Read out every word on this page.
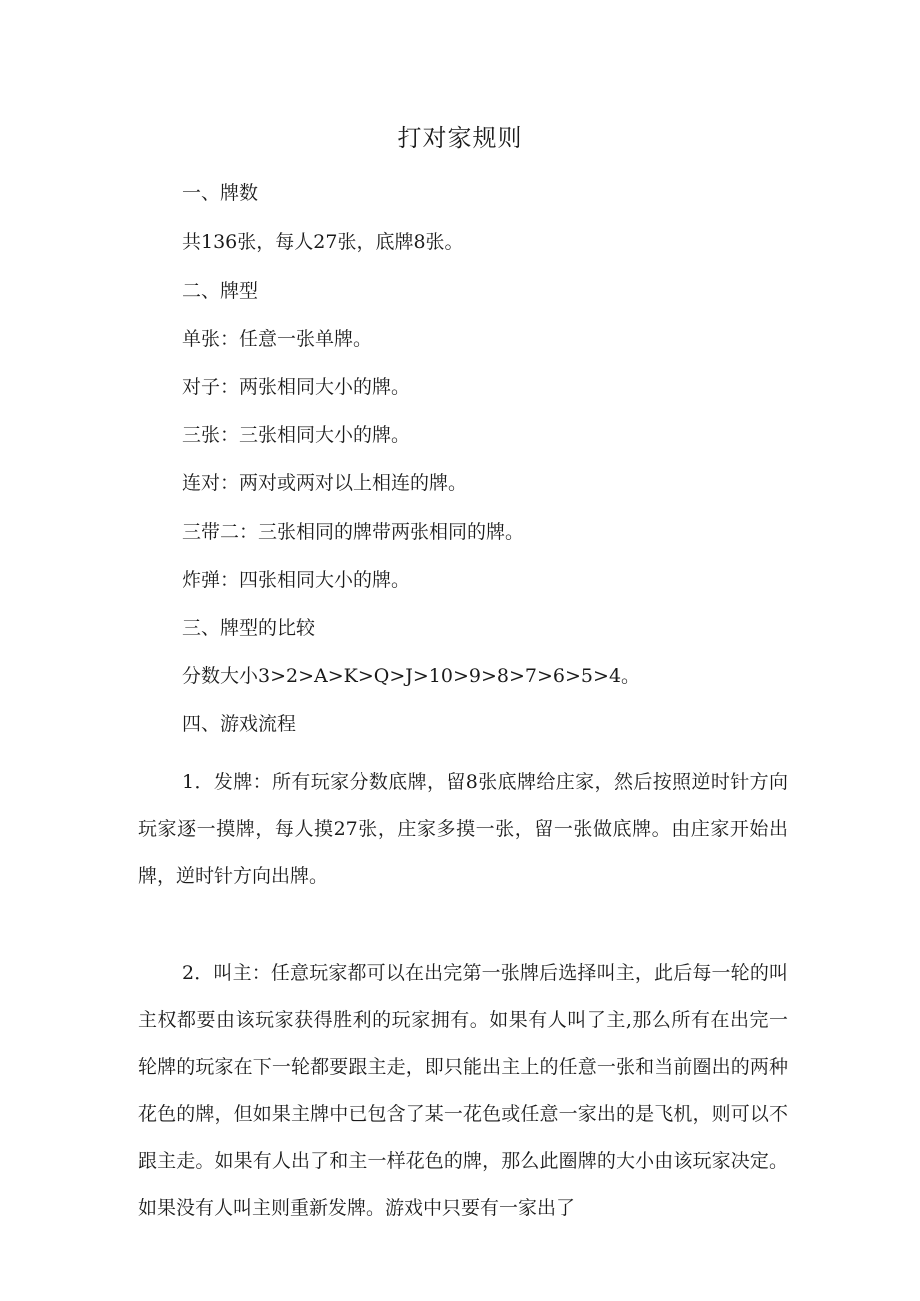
打对家规则
一、牌数
共136张，每人27张，底牌8张。
二、牌型
单张：任意一张单牌。
对子：两张相同大小的牌。
三张：三张相同大小的牌。
连对：两对或两对以上相连的牌。
三带二：三张相同的牌带两张相同的牌。
炸弹：四张相同大小的牌。
三、牌型的比较
分数大小3>2>A>K>Q>J>10>9>8>7>6>5>4。
四、游戏流程
1．发牌：所有玩家分数底牌，留8张底牌给庄家，然后按照逆时针方向玩家逐一摸牌，每人摸27张，庄家多摸一张，留一张做底牌。由庄家开始出牌，逆时针方向出牌。
2．叫主：任意玩家都可以在出完第一张牌后选择叫主，此后每一轮的叫主权都要由该玩家获得胜利的玩家拥有。如果有人叫了主,那么所有在出完一轮牌的玩家在下一轮都要跟主走，即只能出主上的任意一张和当前圈出的两种花色的牌，但如果主牌中已包含了某一花色或任意一家出的是飞机，则可以不跟主走。如果有人出了和主一样花色的牌，那么此圈牌的大小由该玩家决定。如果没有人叫主则重新发牌。游戏中只要有一家出了
